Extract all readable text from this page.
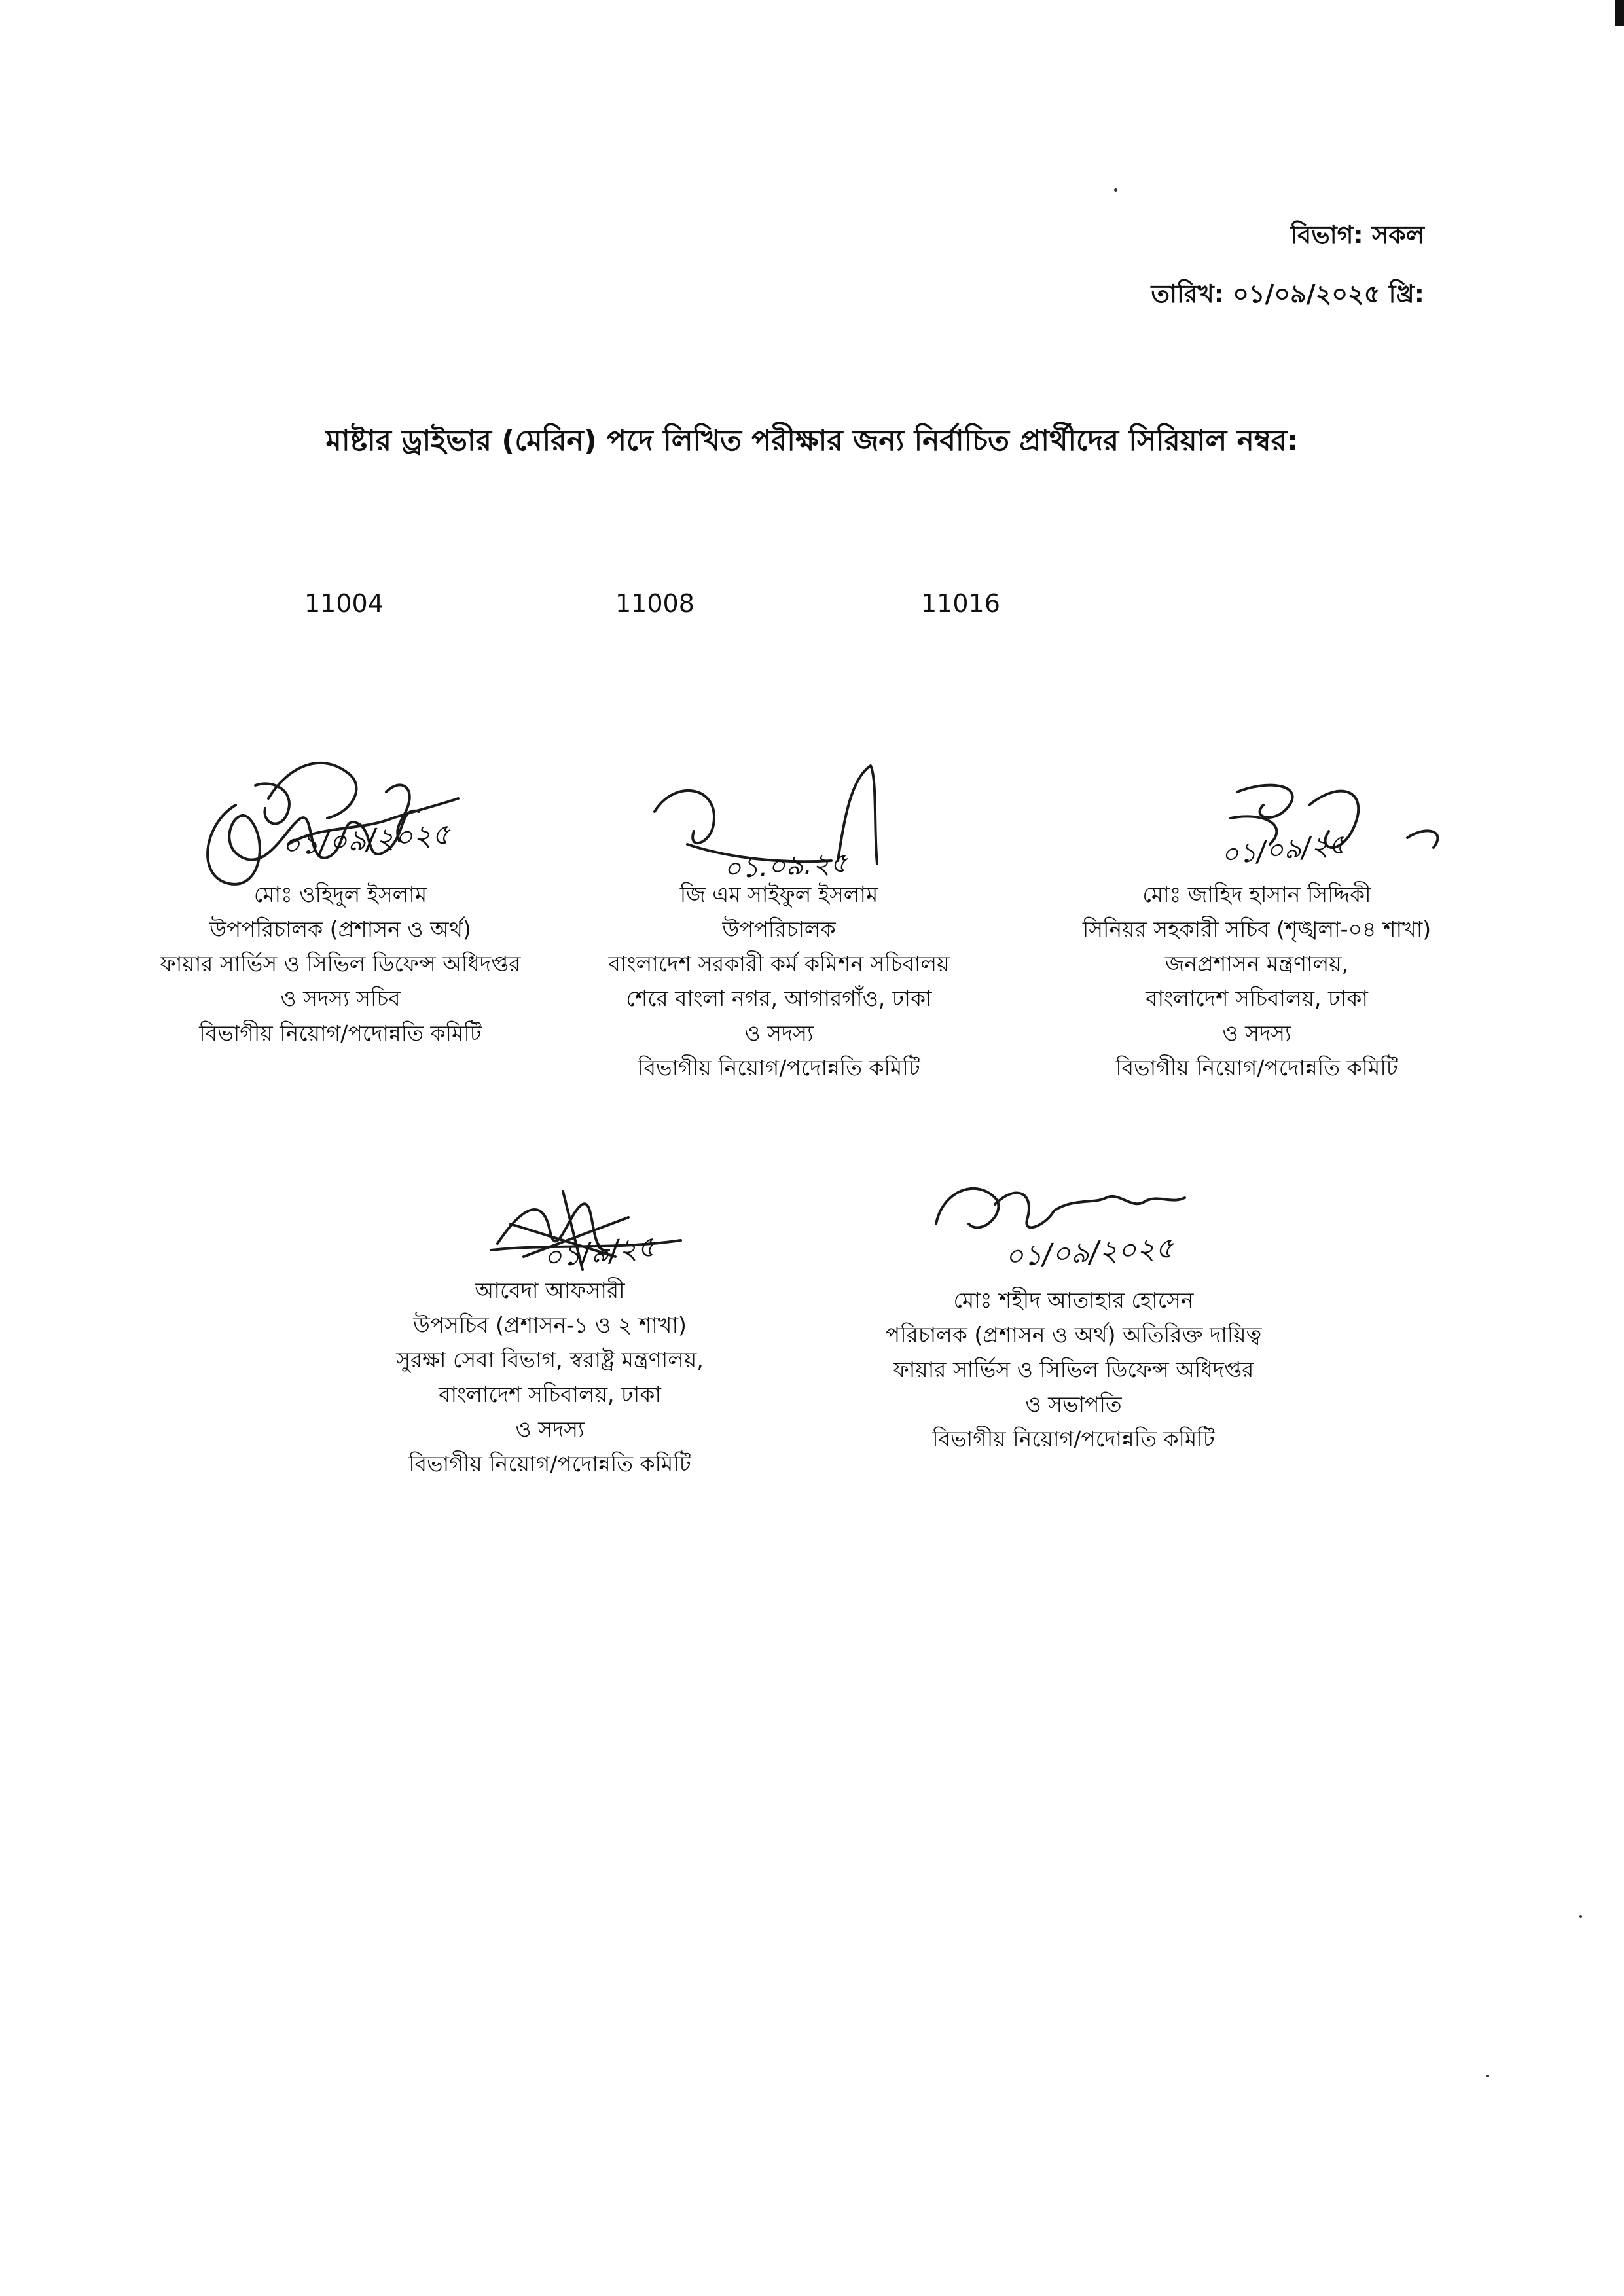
বিভাগ: সকল
তারিখ: ০১/০৯/২০২৫ খ্রি:
মাষ্টার ড্রাইভার (মেরিন) পদে লিখিত পরীক্ষার জন্য নির্বাচিত প্রার্থীদের সিরিয়াল নম্বর:
11004	11008	11016
০১/০৯/২০২৫
০১.০৯.২৫	০১/০৯/২৫
০১/৯/২৫	০১/০৯/২০২৫
মোঃ ওহিদুল ইসলাম
উপপরিচালক (প্রশাসন ও অর্থ)
ফায়ার সার্ভিস ও সিভিল ডিফেন্স অধিদপ্তর
ও সদস্য সচিব
বিভাগীয় নিয়োগ/পদোন্নতি কমিটি
জি এম সাইফুল ইসলাম
উপপরিচালক
বাংলাদেশ সরকারী কর্ম কমিশন সচিবালয়
শেরে বাংলা নগর, আগারগাঁও, ঢাকা
ও সদস্য
বিভাগীয় নিয়োগ/পদোন্নতি কমিটি
মোঃ জাহিদ হাসান সিদ্দিকী
সিনিয়র সহকারী সচিব (শৃঙ্খলা-০৪ শাখা)
জনপ্রশাসন মন্ত্রণালয়,
বাংলাদেশ সচিবালয়, ঢাকা
ও সদস্য
বিভাগীয় নিয়োগ/পদোন্নতি কমিটি
আবেদা আফসারী
উপসচিব (প্রশাসন-১ ও ২ শাখা)
সুরক্ষা সেবা বিভাগ, স্বরাষ্ট্র মন্ত্রণালয়,
বাংলাদেশ সচিবালয়, ঢাকা
ও সদস্য
বিভাগীয় নিয়োগ/পদোন্নতি কমিটি
মোঃ শহীদ আতাহার হোসেন
পরিচালক (প্রশাসন ও অর্থ) অতিরিক্ত দায়িত্ব
ফায়ার সার্ভিস ও সিভিল ডিফেন্স অধিদপ্তর
ও সভাপতি
বিভাগীয় নিয়োগ/পদোন্নতি কমিটি
